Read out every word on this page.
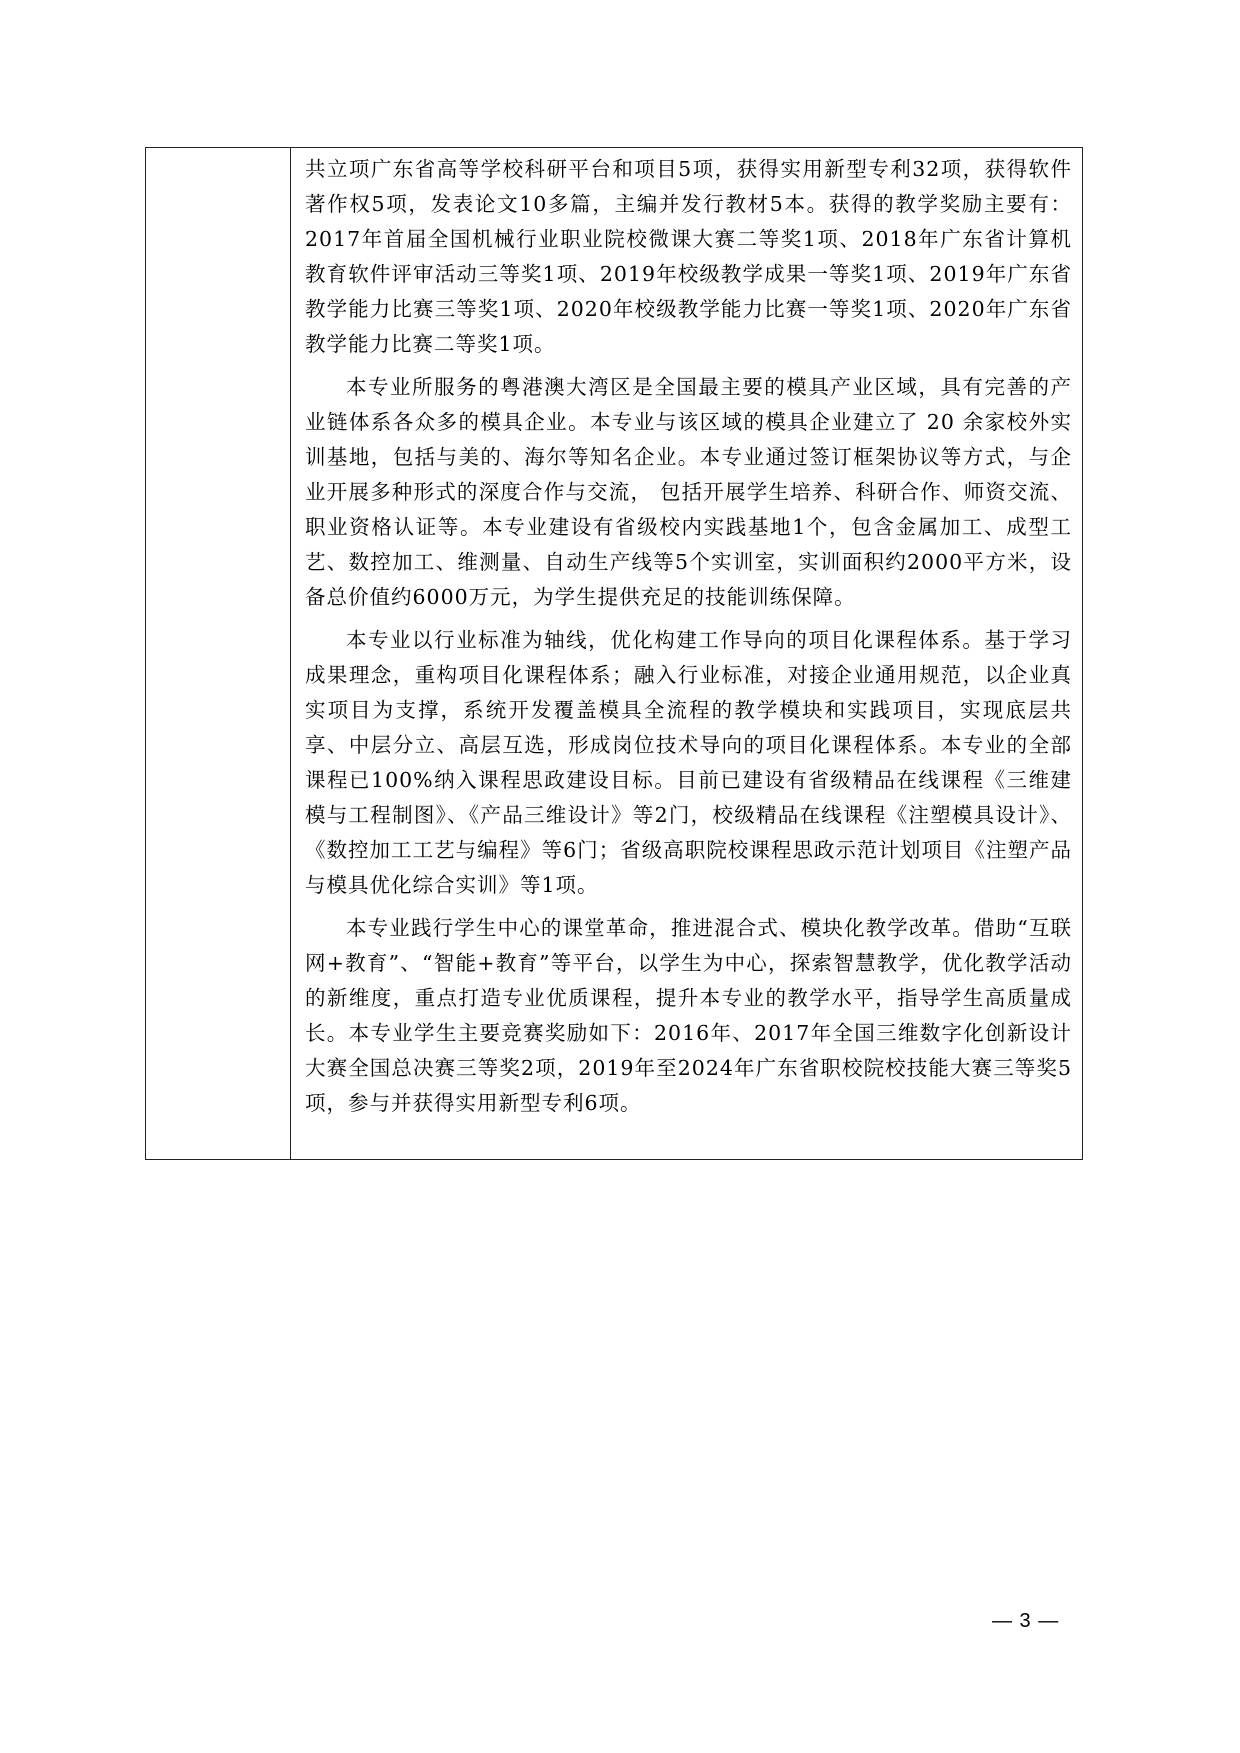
共立项广东省高等学校科研平台和项目5项，获得实用新型专利32项，获得软件著作权5项，发表论文10多篇，主编并发行教材5本。获得的教学奖励主要有：2017年首届全国机械行业职业院校微课大赛二等奖1项、2018年广东省计算机教育软件评审活动三等奖1项、2019年校级教学成果一等奖1项、2019年广东省教学能力比赛三等奖1项、2020年校级教学能力比赛一等奖1项、2020年广东省教学能力比赛二等奖1项。

本专业所服务的粤港澳大湾区是全国最主要的模具产业区域，具有完善的产业链体系各众多的模具企业。本专业与该区域的模具企业建立了 20 余家校外实训基地，包括与美的、海尔等知名企业。本专业通过签订框架协议等方式，与企业开展多种形式的深度合作与交流， 包括开展学生培养、科研合作、师资交流、职业资格认证等。本专业建设有省级校内实践基地1个，包含金属加工、成型工艺、数控加工、维测量、自动生产线等5个实训室，实训面积约2000平方米，设备总价值约6000万元，为学生提供充足的技能训练保障。

本专业以行业标准为轴线，优化构建工作导向的项目化课程体系。基于学习成果理念，重构项目化课程体系；融入行业标准，对接企业通用规范，以企业真实项目为支撑，系统开发覆盖模具全流程的教学模块和实践项目，实现底层共享、中层分立、高层互选，形成岗位技术导向的项目化课程体系。本专业的全部课程已100%纳入课程思政建设目标。目前已建设有省级精品在线课程《三维建模与工程制图》、《产品三维设计》等2门，校级精品在线课程《注塑模具设计》、《数控加工工艺与编程》等6门；省级高职院校课程思政示范计划项目《注塑产品与模具优化综合实训》等1项。

本专业践行学生中心的课堂革命，推进混合式、模块化教学改革。借助“互联网+教育”、“智能+教育”等平台，以学生为中心，探索智慧教学，优化教学活动的新维度，重点打造专业优质课程，提升本专业的教学水平，指导学生高质量成长。本专业学生主要竞赛奖励如下：2016年、2017年全国三维数字化创新设计大赛全国总决赛三等奖2项，2019年至2024年广东省职校院校技能大赛三等奖5项，参与并获得实用新型专利6项。

— 3 —
